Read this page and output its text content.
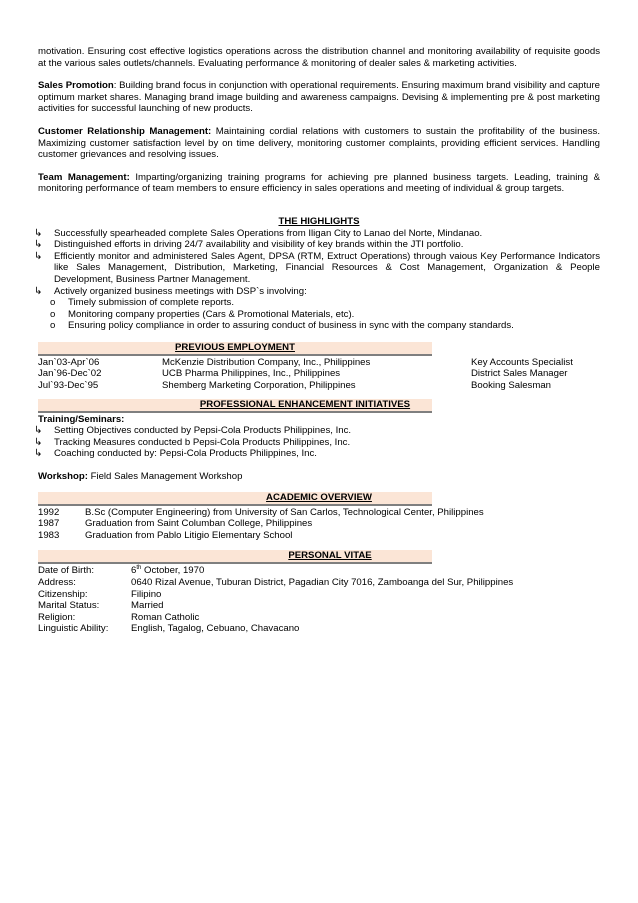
motivation. Ensuring cost effective logistics operations across the distribution channel and monitoring availability of requisite goods at the various sales outlets/channels. Evaluating performance & monitoring of dealer sales & marketing activities.

Sales Promotion: Building brand focus in conjunction with operational requirements. Ensuring maximum brand visibility and capture optimum market shares. Managing brand image building and awareness campaigns. Devising & implementing pre & post marketing activities for successful launching of new products.

Customer Relationship Management: Maintaining cordial relations with customers to sustain the profitability of the business. Maximizing customer satisfaction level by on time delivery, monitoring customer complaints, providing efficient services. Handling customer grievances and resolving issues.

Team Management: Imparting/organizing training programs for achieving pre planned business targets. Leading, training & monitoring performance of team members to ensure efficiency in sales operations and meeting of individual & group targets.

THE HIGHLIGHTS
↳ Successfully spearheaded complete Sales Operations from Iligan City to Lanao del Norte, Mindanao.
↳ Distinguished efforts in driving 24/7 availability and visibility of key brands within the JTI portfolio.
↳ Efficiently monitor and administered Sales Agent, DPSA (RTM, Extruct Operations) through vaious Key Performance Indicators like Sales Management, Distribution, Marketing, Financial Resources & Cost Management, Organization & People Development, Business Partner Management.
↳ Actively organized business meetings with DSP`s involving:
o Timely submission of complete reports.
o Monitoring company properties (Cars & Promotional Materials, etc).
o Ensuring policy compliance in order to assuring conduct of business in sync with the company standards.
PREVIOUS EMPLOYMENT
Jan`03-Apr`06	McKenzie Distribution Company, Inc., Philippines	Key Accounts Specialist
Jan`96-Dec`02	UCB Pharma Philippines, Inc., Philippines	District Sales Manager
Jul`93-Dec`95	Shemberg Marketing Corporation, Philippines	Booking Salesman
PROFESSIONAL ENHANCEMENT INITIATIVES
Training/Seminars:
↳ Setting Objectives conducted by Pepsi-Cola Products Philippines, Inc.
↳ Tracking Measures conducted b Pepsi-Cola Products Philippines, Inc.
↳ Coaching conducted by: Pepsi-Cola Products Philippines, Inc.
Workshop: Field Sales Management Workshop
ACADEMIC OVERVIEW
1992	B.Sc (Computer Engineering) from University of San Carlos, Technological Center, Philippines
1987	Graduation from Saint Columban College, Philippines
1983	Graduation from Pablo Litigio Elementary School
PERSONAL VITAE
Date of Birth:	6th October, 1970
Address:	0640 Rizal Avenue, Tuburan District, Pagadian City 7016, Zamboanga del Sur, Philippines
Citizenship:	Filipino
Marital Status:	Married
Religion:	Roman Catholic
Linguistic Ability:	English, Tagalog, Cebuano, Chavacano
